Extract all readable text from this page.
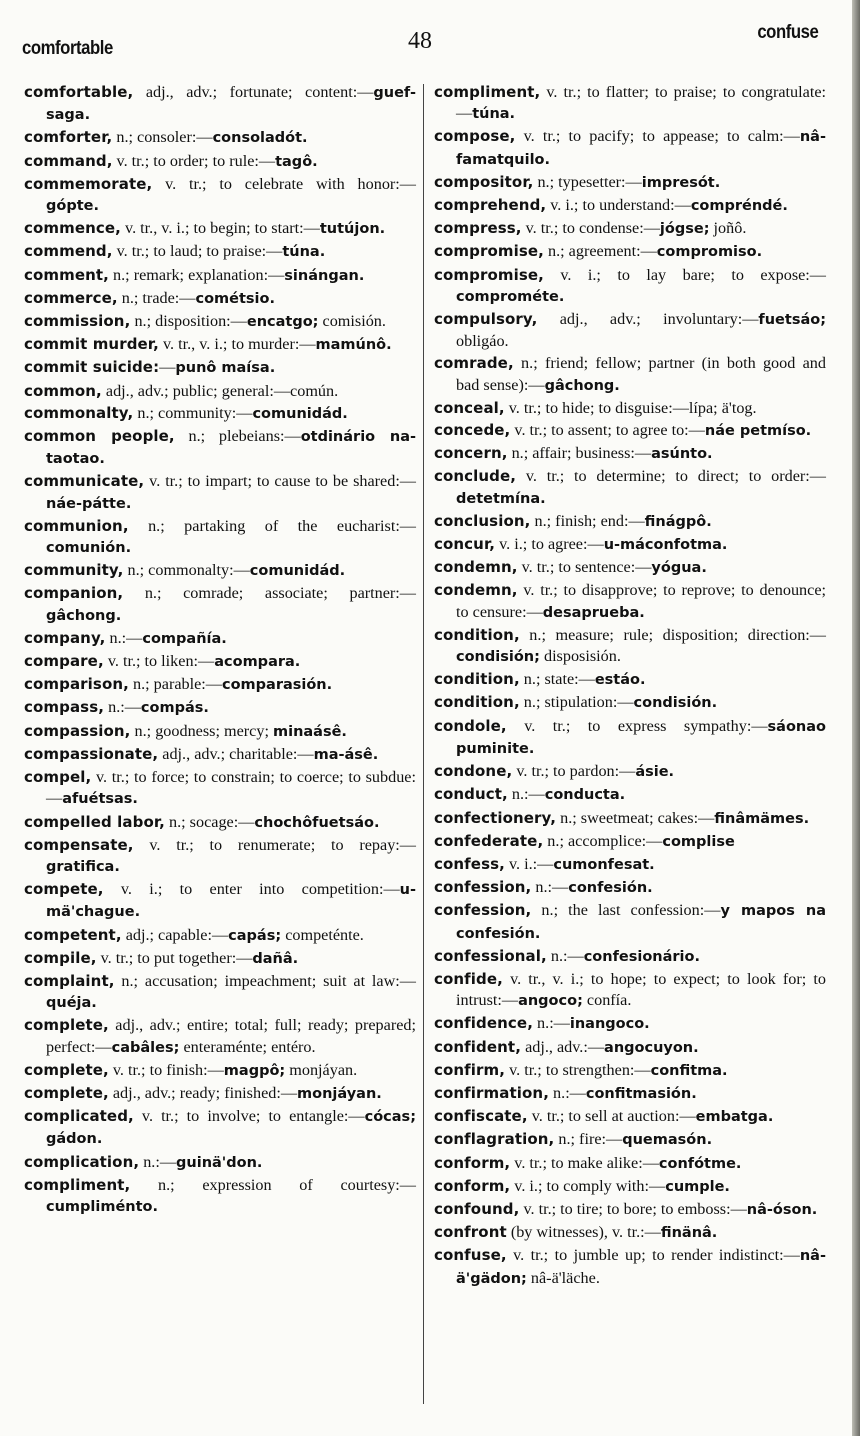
comfortable	48	confuse
comfortable, adj., adv.; fortunate; content:—guef-saga.
comforter, n.; consoler:—consoladót.
command, v. tr.; to order; to rule:—tagô.
commemorate, v. tr.; to celebrate with honor:—gópte.
commence, v. tr., v. i.; to begin; to start:—tutújon.
commend, v. tr.; to laud; to praise:—túna.
comment, n.; remark; explanation:—sinángan.
commerce, n.; trade:—cométsio.
commission, n.; disposition:—encatgo; comisión.
commit murder, v. tr., v. i.; to murder:—mamúnô.
commit suicide:—punô maísa.
common, adj., adv.; public; general:—común.
commonalty, n.; community:—comunidád.
common people, n.; plebeians:—otdinário na-taotao.
communicate, v. tr.; to impart; to cause to be shared:—náe-pátte.
communion, n.; partaking of the eucharist:—comunión.
community, n.; commonalty:—comunidád.
companion, n.; comrade; associate; partner:—gâchong.
company, n.:—compañía.
compare, v. tr.; to liken:—acompara.
comparison, n.; parable:—comparasión.
compass, n.:—compás.
compassion, n.; goodness; mercy; minaásê.
compassionate, adj., adv.; charitable:—ma-ásê.
compel, v. tr.; to force; to constrain; to coerce; to subdue:—afuétsas.
compelled labor, n.; socage:—chochôfuetsáo.
compensate, v. tr.; to renumerate; to repay:—gratifica.
compete, v. i.; to enter into competition:—u-mä'chague.
competent, adj.; capable:—capás; competénte.
compile, v. tr.; to put together:—dañâ.
complaint, n.; accusation; impeachment; suit at law:—quéja.
complete, adj., adv.; entire; total; full; ready; prepared; perfect:—cabâles; enteraménte; entéro.
complete, v. tr.; to finish:—magpô; monjáyan.
complete, adj., adv.; ready; finished:—monjáyan.
complicated, v. tr.; to involve; to entangle:—cócas; gádon.
complication, n.:—guinä'don.
compliment, n.; expression of courtesy:—cumpliménto.
compliment, v. tr.; to flatter; to praise; to congratulate:—túna.
compose, v. tr.; to pacify; to appease; to calm:—nâ-famatquilo.
compositor, n.; typesetter:—impresót.
comprehend, v. i.; to understand:—compréndé.
compress, v. tr.; to condense:—jógse; joñô.
compromise, n.; agreement:—compromiso.
compromise, v. i.; to lay bare; to expose:—comprométe.
compulsory, adj., adv.; involuntary:—fuetsáo; obligáo.
comrade, n.; friend; fellow; partner (in both good and bad sense):—gâchong.
conceal, v. tr.; to hide; to disguise:—lípa; ä'tog.
concede, v. tr.; to assent; to agree to:—náe petmíso.
concern, n.; affair; business:—asúnto.
conclude, v. tr.; to determine; to direct; to order:—detetmína.
conclusion, n.; finish; end:—finágpô.
concur, v. i.; to agree:—u-máconfotma.
condemn, v. tr.; to sentence:—yógua.
condemn, v. tr.; to disapprove; to reprove; to denounce; to censure:—desaprueba.
condition, n.; measure; rule; disposition; direction:—condisión; disposisión.
condition, n.; state:—estáo.
condition, n.; stipulation:—condisión.
condole, v. tr.; to express sympathy:—sáonao puminite.
condone, v. tr.; to pardon:—ásie.
conduct, n.:—conducta.
confectionery, n.; sweetmeat; cakes:—finâmämes.
confederate, n.; accomplice:—complise
confess, v. i.:—cumonfesat.
confession, n.:—confesión.
confession, n.; the last confession:—y mapos na confesión.
confessional, n.:—confesionário.
confide, v. tr., v. i.; to hope; to expect; to look for; to intrust:—angoco; confía.
confidence, n.:—inangoco.
confident, adj., adv.:—angocuyon.
confirm, v. tr.; to strengthen:—confitma.
confirmation, n.:—confitmasión.
confiscate, v. tr.; to sell at auction:—embatga.
conflagration, n.; fire:—quemasón.
conform, v. tr.; to make alike:—confótme.
conform, v. i.; to comply with:—cumple.
confound, v. tr.; to tire; to bore; to emboss:—nâ-óson.
confront (by witnesses), v. tr.:—finänâ.
confuse, v. tr.; to jumble up; to render indistinct:—nâ-ä'gädon; nâ-ä'läche.
